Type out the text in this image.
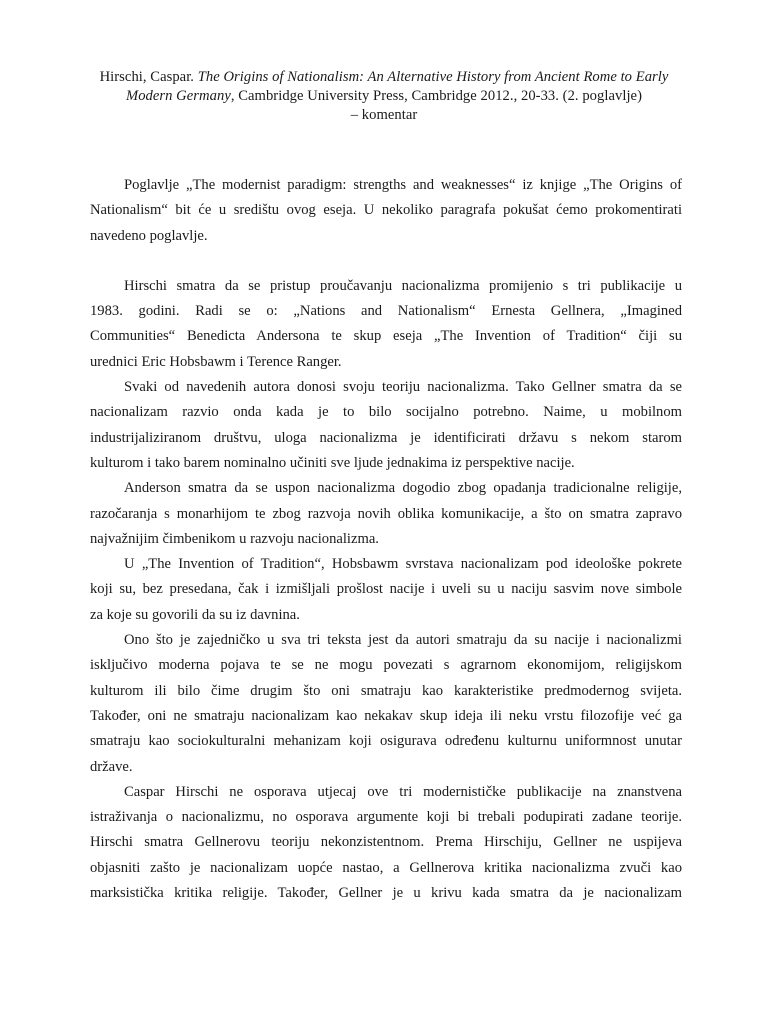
Hirschi, Caspar. The Origins of Nationalism: An Alternative History from Ancient Rome to Early Modern Germany, Cambridge University Press, Cambridge 2012., 20-33. (2. poglavlje)
– komentar
Poglavlje „The modernist paradigm: strengths and weaknesses“ iz knjige „The Origins of
Nationalism“ bit će u središtu ovog eseja. U nekoliko paragrafa pokušat ćemo prokomentirati
navedeno poglavlje.
Hirschi smatra da se pristup proučavanju nacionalizma promijenio s tri publikacije u
1983. godini. Radi se o: „Nations and Nationalism“ Ernesta Gellnera, „Imagined
Communities“ Benedicta Andersona te skup eseja „The Invention of Tradition“ čiji su
urednici Eric Hobsbawm i Terence Ranger.
Svaki od navedenih autora donosi svoju teoriju nacionalizma. Tako Gellner smatra da se
nacionalizam razvio onda kada je to bilo socijalno potrebno. Naime, u mobilnom
industrijaliziranom društvu, uloga nacionalizma je identificirati državu s nekom starom
kulturom i tako barem nominalno učiniti sve ljude jednakima iz perspektive nacije.
Anderson smatra da se uspon nacionalizma dogodio zbog opadanja tradicionalne religije,
razočaranja s monarhijom te zbog razvoja novih oblika komunikacije, a što on smatra zapravo
najvažnijim čimbenikom u razvoju nacionalizma.
U „The Invention of Tradition“, Hobsbawm svrstava nacionalizam pod ideološke pokrete
koji su, bez presedana, čak i izmišljali prošlost nacije i uveli su u naciju sasvim nove simbole
za koje su govorili da su iz davnina.
Ono što je zajedničko u sva tri teksta jest da autori smatraju da su nacije i nacionalizmi
isključivo moderna pojava te se ne mogu povezati s agrarnom ekonomijom, religijskom
kulturom ili bilo čime drugim što oni smatraju kao karakteristike predmodernog svijeta.
Također, oni ne smatraju nacionalizam kao nekakav skup ideja ili neku vrstu filozofije već ga
smatraju kao sociokulturalni mehanizam koji osigurava određenu kulturnu uniformnost unutar
države.
Caspar Hirschi ne osporava utjecaj ove tri modernističke publikacije na znanstvena
istraživanja o nacionalizmu, no osporava argumente koji bi trebali podupirati zadane teorije.
Hirschi smatra Gellnerovu teoriju nekonzistentnom. Prema Hirschiju, Gellner ne uspijeva
objasniti zašto je nacionalizam uopće nastao, a Gellnerova kritika nacionalizma zvuči kao
marksistička kritika religije. Također, Gellner je u krivu kada smatra da je nacionalizam
